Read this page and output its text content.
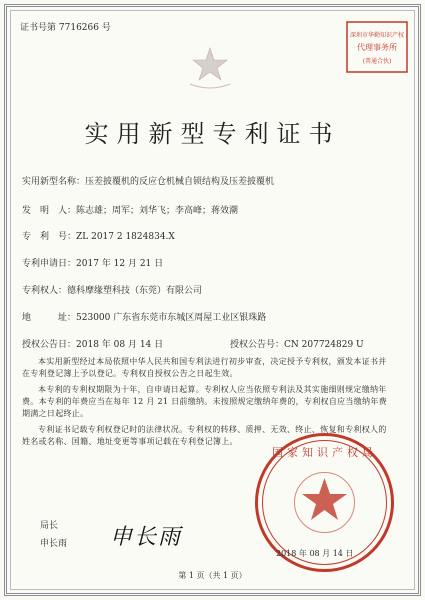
证书号第 7716266 号
深圳市华勤知识产权
代理事务所
(普通合伙)
实用新型专利证书
实用新型名称：压差披覆机的反应仓机械自锁结构及压差披覆机
发　明　人：陈志雄；周军；刘华飞；李高峰；蒋效潮
专　利　号：ZL 2017 2 1824834.X
专利申请日：2017 年 12 月 21 日
专利权人：德科摩缘塑科技（东莞）有限公司
地　　　址：523000 广东省东莞市东城区周屋工业区银珠路
授权公告日：2018 年 08 月 14 日	授权公告号：CN 207724829 U
本实用新型经过本局依照中华人民共和国专利法进行初步审查，决定授予专利权，颁发本证书并在专利登记簿上予以登记。专利权自授权公告之日起生效。
本专利的专利权期限为十年，自申请日起算。专利权人应当依照专利法及其实施细则规定缴纳年费。本专利的年费应当在每年 12 月 21 日前缴纳。未按照规定缴纳年费的，专利权自应当缴纳年费期满之日起终止。
专利证书记载专利权登记时的法律状况。专利权的转移、质押、无效、终止、恢复和专利权人的姓名或名称、国籍、地址变更等事项记载在专利登记簿上。
国家知识产权局
局长
申长雨 申长雨
2018 年 08 月 14 日
第 1 页（共 1 页）
